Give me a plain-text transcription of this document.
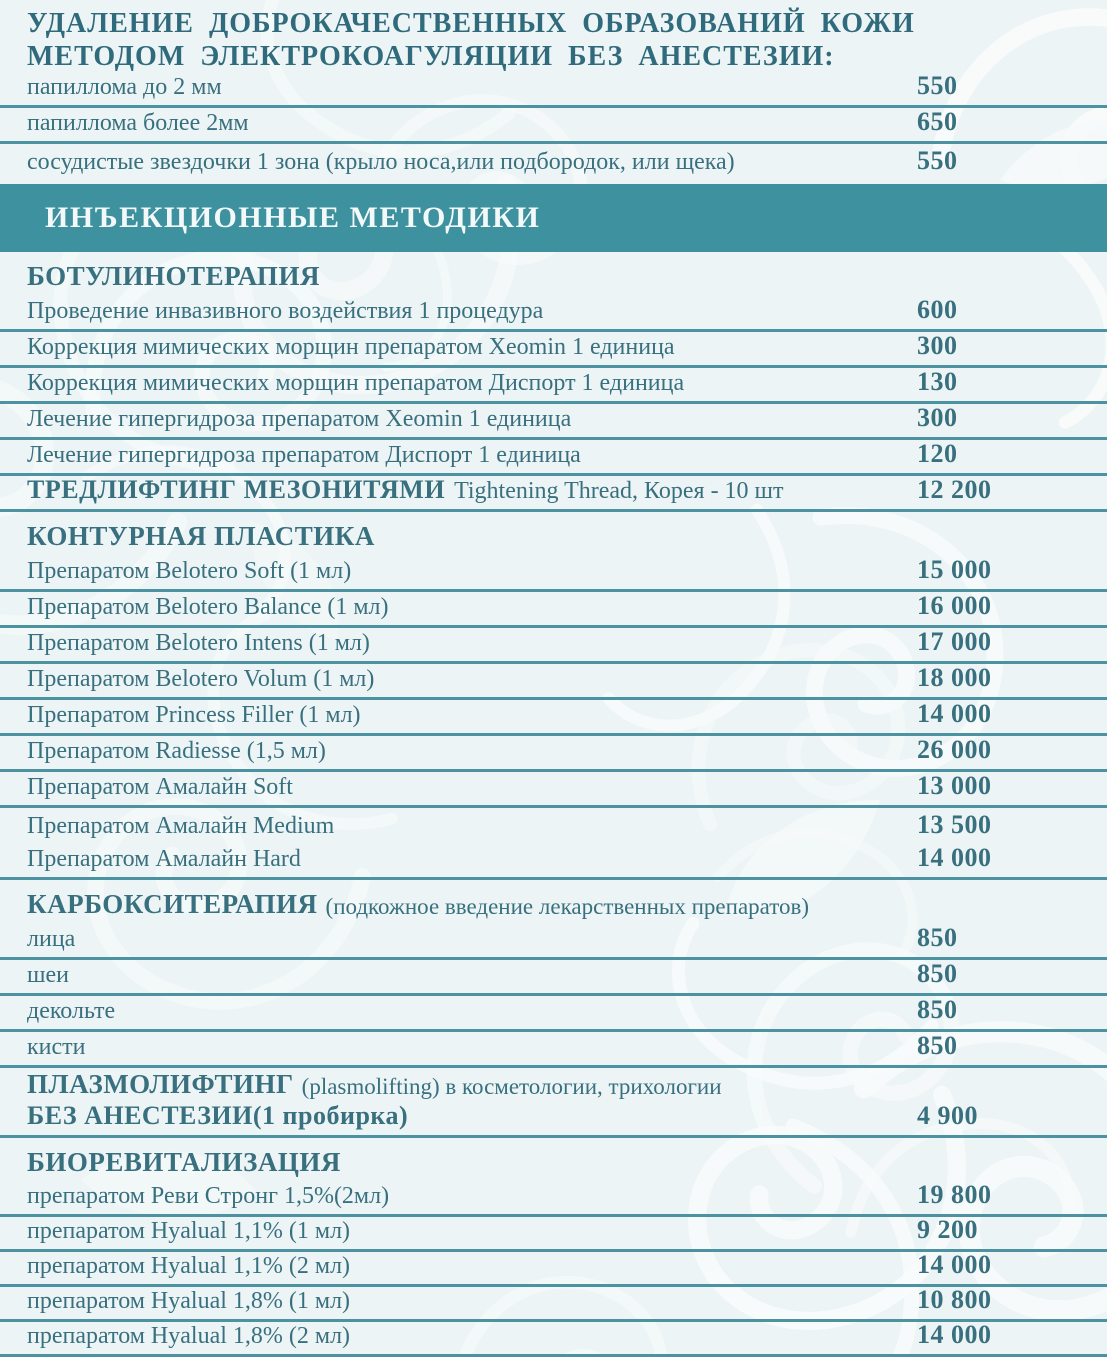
УДАЛЕНИЕ ДОБРОКАЧЕСТВЕННЫХ ОБРАЗОВАНИЙ КОЖИ
МЕТОДОМ ЭЛЕКТРОКОАГУЛЯЦИИ БЕЗ АНЕСТЕЗИИ:
папиллома до 2 мм	550
папиллома более 2мм	650
сосудистые звездочки 1 зона (крыло носа,или подбородок, или щека)	550
ИНЪЕКЦИОННЫЕ МЕТОДИКИ
БОТУЛИНОТЕРАПИЯ
Проведение инвазивного воздействия 1 процедура	600
Коррекция мимических морщин препаратом Xeomin 1 единица	300
Коррекция мимических морщин препаратом Диспорт 1 единица	130
Лечение гипергидроза препаратом Xeomin 1 единица	300
Лечение гипергидроза препаратом Диспорт 1 единица	120
ТРЕДЛИФТИНГ МЕЗОНИТЯМИ Tightening Thread, Корея - 10 шт	12 200
КОНТУРНАЯ ПЛАСТИКА
Препаратом Belotero Soft (1 мл)	15 000
Препаратом Belotero Balance (1 мл)	16 000
Препаратом Belotero Intens (1 мл)	17 000
Препаратом Belotero Volum (1 мл)	18 000
Препаратом Princess Filler (1 мл)	14 000
Препаратом Radiesse (1,5 мл)	26 000
Препаратом Амалайн Soft	13 000
Препаратом Амалайн Medium	13 500
Препаратом Амалайн Hard	14 000
КАРБОКСИТЕРАПИЯ (подкожное введение лекарственных препаратов)
лица	850
шеи	850
декольте	850
кисти	850
ПЛАЗМОЛИФТИНГ (plasmolifting) в косметологии, трихологии
БЕЗ АНЕСТЕЗИИ(1 пробирка)	4 900
БИОРЕВИТАЛИЗАЦИЯ
препаратом Реви Стронг 1,5%(2мл)	19 800
препаратом Hyalual 1,1% (1 мл)	9 200
препаратом Hyalual 1,1% (2 мл)	14 000
препаратом Hyalual 1,8% (1 мл)	10 800
препаратом Hyalual 1,8% (2 мл)	14 000
